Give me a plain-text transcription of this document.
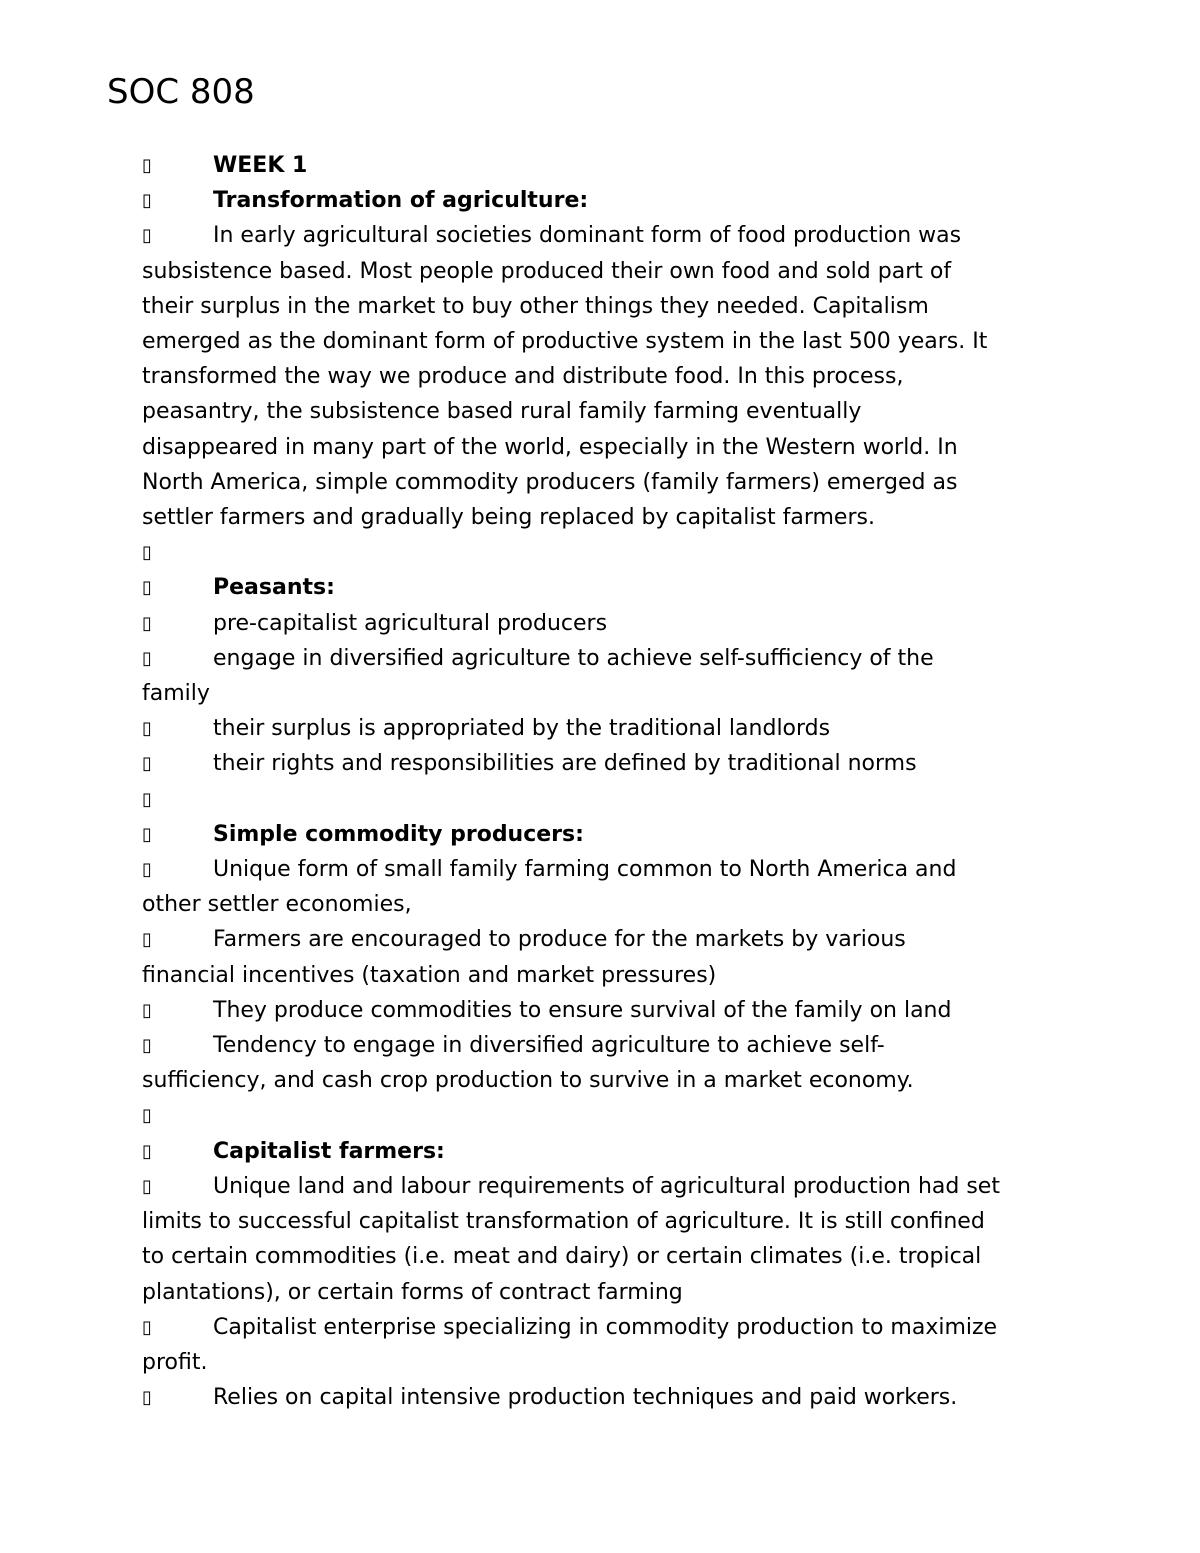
SOC 808

▯	WEEK 1

▯	Transformation of agriculture:

▯	In early agricultural societies dominant form of food production was
subsistence based. Most people produced their own food and sold part of
their surplus in the market to buy other things they needed. Capitalism
emerged as the dominant form of productive system in the last 500 years. It
transformed the way we produce and distribute food. In this process,
peasantry, the subsistence based rural family farming eventually
disappeared in many part of the world, especially in the Western world. In
North America, simple commodity producers (family farmers) emerged as
settler farmers and gradually being replaced by capitalist farmers.

▯

▯	Peasants:

▯	pre-capitalist agricultural producers
▯	engage in diversified agriculture to achieve self-sufficiency of the
family
▯	their surplus is appropriated by the traditional landlords
▯	their rights and responsibilities are defined by traditional norms

▯

▯	Simple commodity producers:

▯	Unique form of small family farming common to North America and
other settler economies,
▯	Farmers are encouraged to produce for the markets by various
financial incentives (taxation and market pressures)
▯	They produce commodities to ensure survival of the family on land
▯	Tendency to engage in diversified agriculture to achieve self-
sufficiency, and cash crop production to survive in a market economy.

▯

▯	Capitalist farmers:

▯	Unique land and labour requirements of agricultural production had set
limits to successful capitalist transformation of agriculture. It is still confined
to certain commodities (i.e. meat and dairy) or certain climates (i.e. tropical
plantations), or certain forms of contract farming
▯	Capitalist enterprise specializing in commodity production to maximize
profit.
▯	Relies on capital intensive production techniques and paid workers.
